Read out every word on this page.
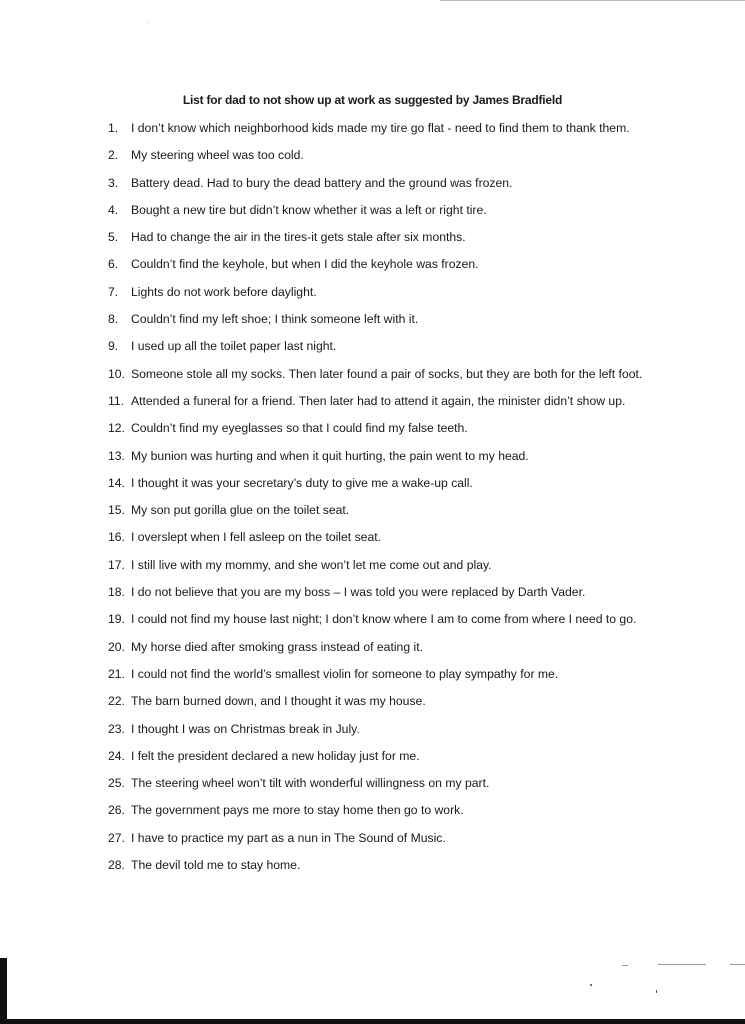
List for dad to not show up at work as suggested by James Bradfield
1.	I don’t know which neighborhood kids made my tire go flat - need to find them to thank them.
2.	My steering wheel was too cold.
3.	Battery dead. Had to bury the dead battery and the ground was frozen.
4.	Bought a new tire but didn’t know whether it was a left or right tire.
5.	Had to change the air in the tires-it gets stale after six months.
6.	Couldn’t find the keyhole, but when I did the keyhole was frozen.
7.	Lights do not work before daylight.
8.	Couldn’t find my left shoe; I think someone left with it.
9.	I used up all the toilet paper last night.
10. Someone stole all my socks. Then later found a pair of socks, but they are both for the left foot.
11. Attended a funeral for a friend. Then later had to attend it again, the minister didn’t show up.
12. Couldn’t find my eyeglasses so that I could find my false teeth.
13. My bunion was hurting and when it quit hurting, the pain went to my head.
14. I thought it was your secretary’s duty to give me a wake-up call.
15. My son put gorilla glue on the toilet seat.
16. I overslept when I fell asleep on the toilet seat.
17. I still live with my mommy, and she won’t let me come out and play.
18. I do not believe that you are my boss – I was told you were replaced by Darth Vader.
19. I could not find my house last night; I don’t know where I am to come from where I need to go.
20. My horse died after smoking grass instead of eating it.
21. I could not find the world’s smallest violin for someone to play sympathy for me.
22. The barn burned down, and I thought it was my house.
23. I thought I was on Christmas break in July.
24. I felt the president declared a new holiday just for me.
25. The steering wheel won’t tilt with wonderful willingness on my part.
26. The government pays me more to stay home then go to work.
27. I have to practice my part as a nun in The Sound of Music.
28. The devil told me to stay home.
